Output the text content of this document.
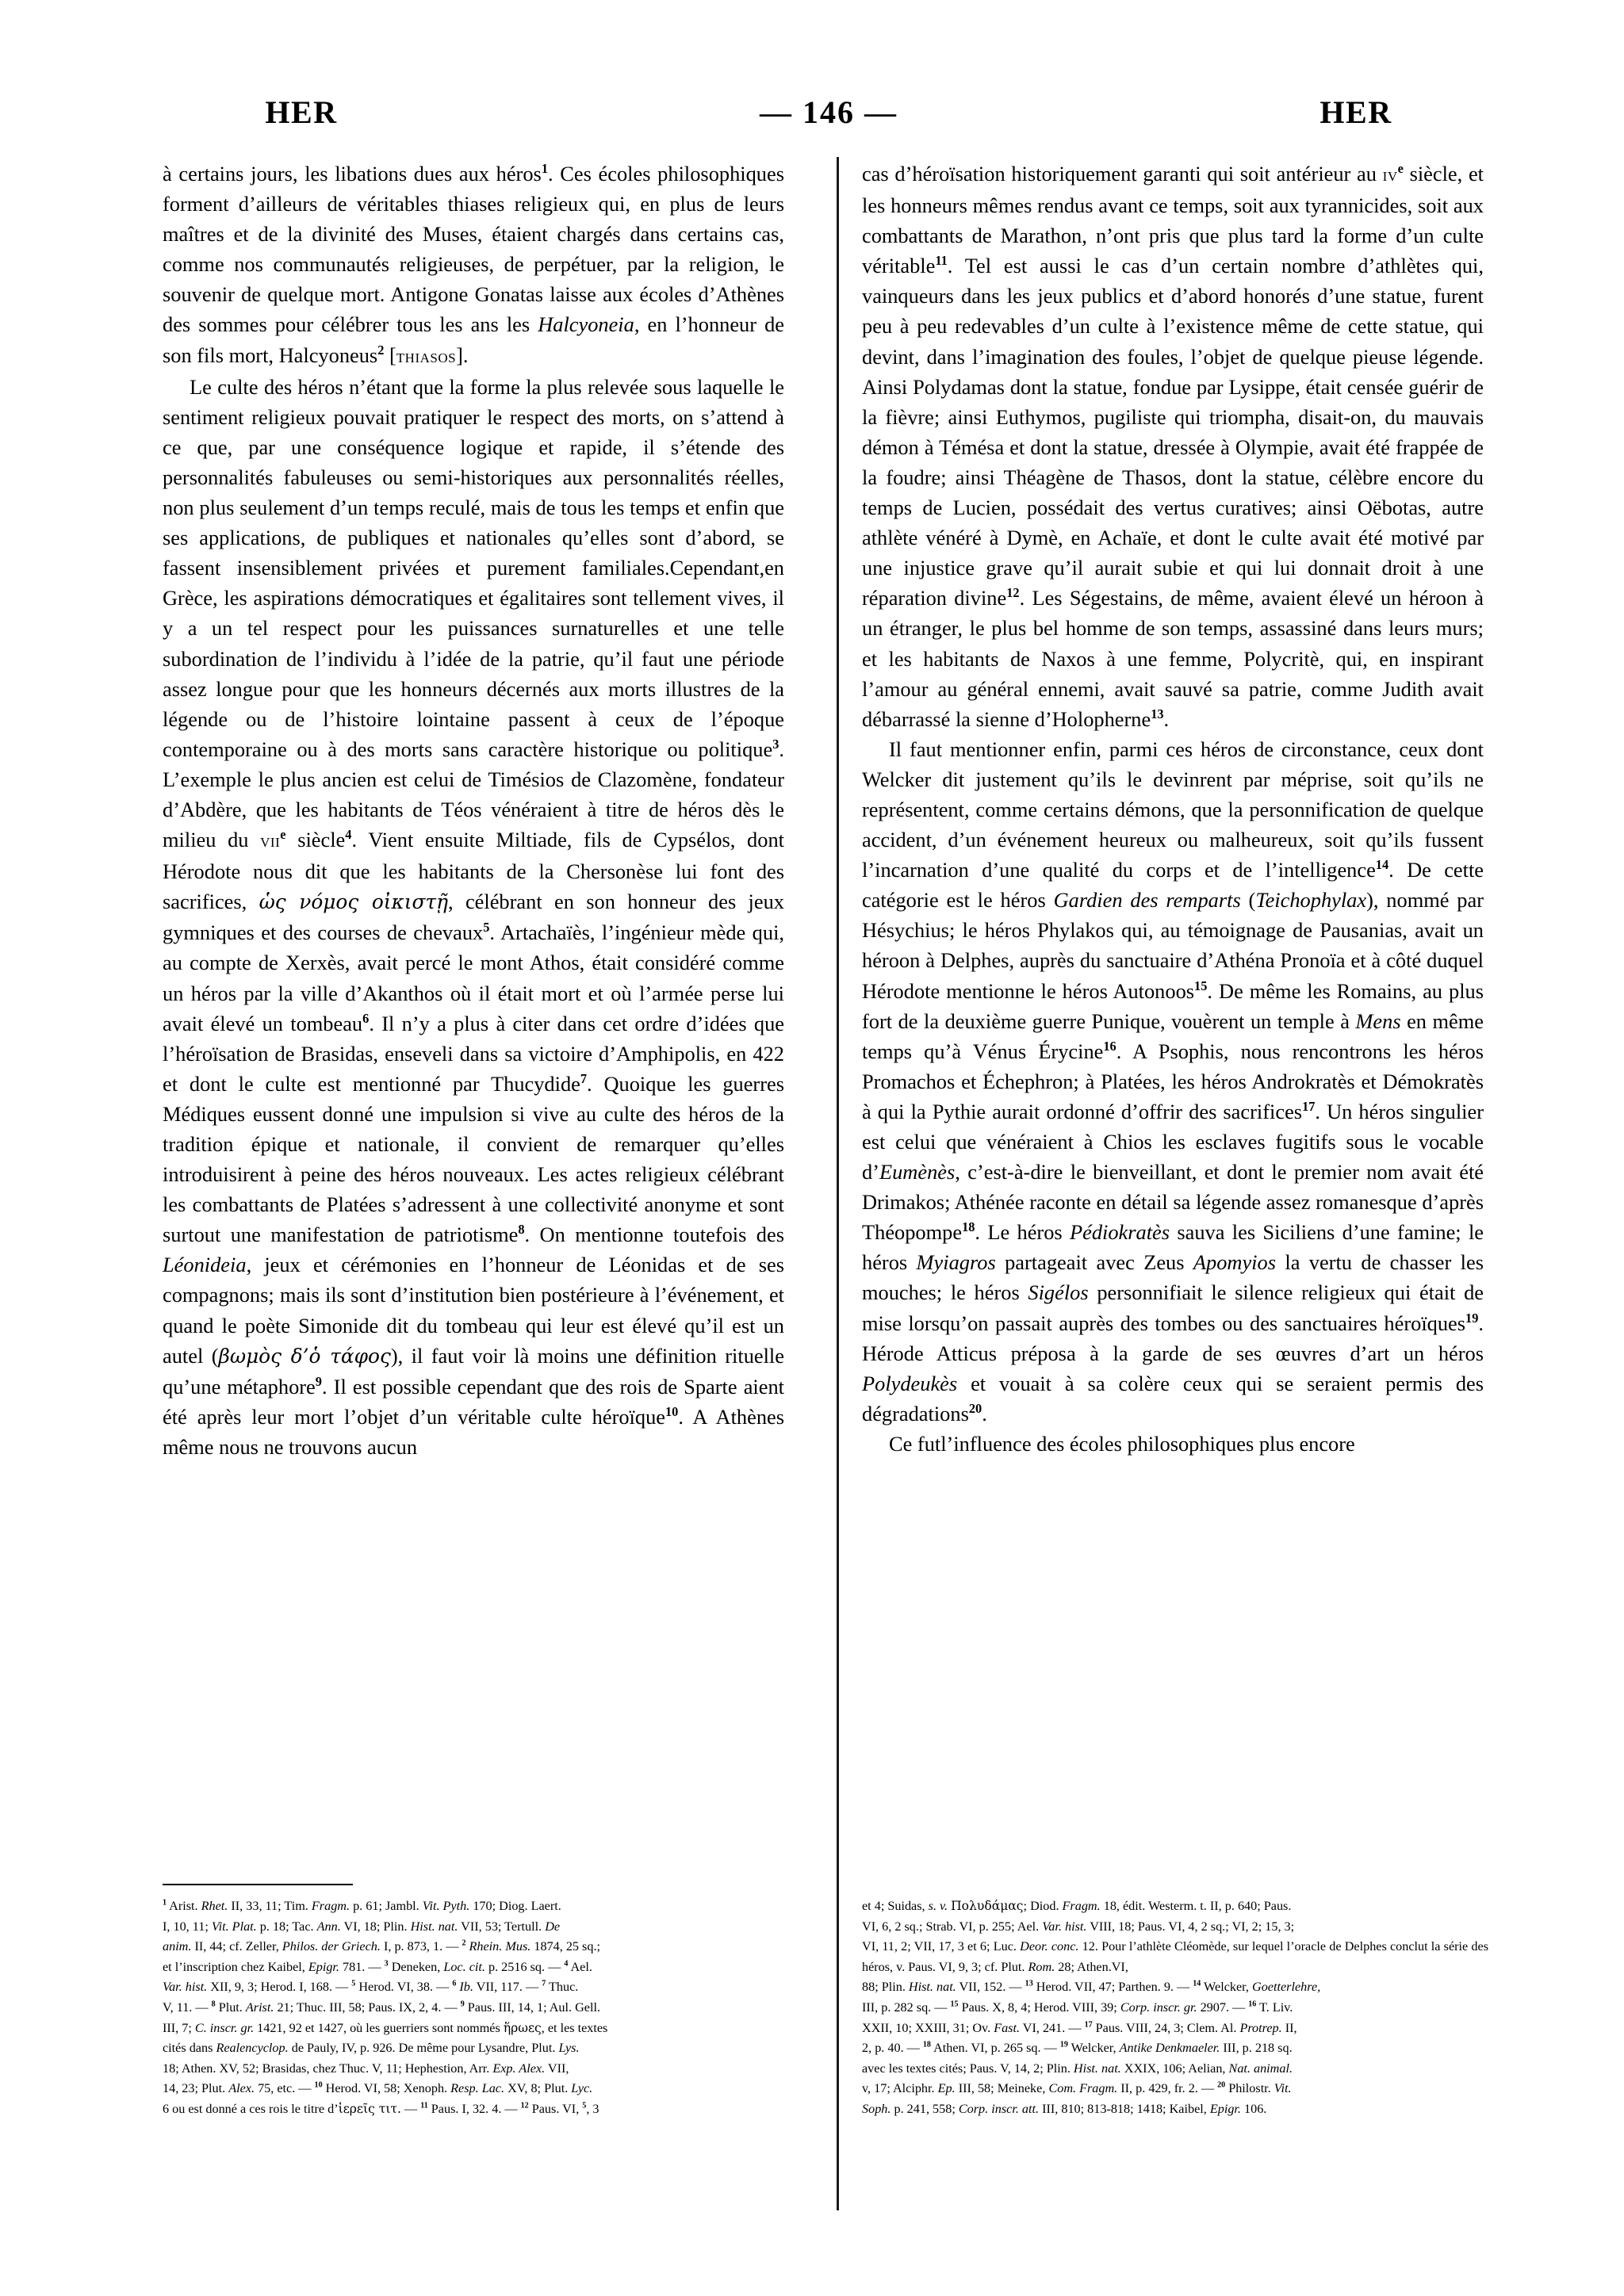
HER	— 146 —	HER

à certains jours, les libations dues aux héros$^1$. Ces écoles philosophiques forment d’ailleurs de véritables thiases religieux qui, en plus de leurs maîtres et de la divinité des Muses, étaient chargés dans certains cas, comme nos communautés religieuses, de perpétuer, par la religion, le souvenir de quelque mort. Antigone Gonatas laisse aux écoles d’Athènes des sommes pour célébrer tous les ans les Halcyoneia, en l’honneur de son fils mort, Halcyoneus$^2$ [thiasos].

Le culte des héros n’étant que la forme la plus relevée sous laquelle le sentiment religieux pouvait pratiquer le respect des morts, on s’attend à ce que, par une conséquence logique et rapide, il s’étende des personnalités fabuleuses ou semi-historiques aux personnalités réelles, non plus seulement d’un temps reculé, mais de tous les temps et enfin que ses applications, de publiques et nationales qu’elles sont d’abord, se fassent insensiblement privées et purement familiales.Cependant,en Grèce, les aspirations démocratiques et égalitaires sont tellement vives, il y a un tel respect pour les puissances surnaturelles et une telle subordination de l’individu à l’idée de la patrie, qu’il faut une période assez longue pour que les honneurs décernés aux morts illustres de la légende ou de l’histoire lointaine passent à ceux de l’époque contemporaine ou à des morts sans caractère historique ou politique$^3$. L’exemple le plus ancien est celui de Timésios de Clazomène, fondateur d’Abdère, que les habitants de Téos vénéraient à titre de héros dès le milieu du vii$^e$ siècle$^4$. Vient ensuite Miltiade, fils de Cypsélos, dont Hérodote nous dit que les habitants de la Chersonèse lui font des sacrifices, ὡς νόμος οἰκιστῇ, célébrant en son honneur des jeux gymniques et des courses de chevaux$^5$. Artachaïès, l’ingénieur mède qui, au compte de Xerxès, avait percé le mont Athos, était considéré comme un héros par la ville d’Akanthos où il était mort et où l’armée perse lui avait élevé un tombeau$^6$. Il n’y a plus à citer dans cet ordre d’idées que l’héroïsation de Brasidas, enseveli dans sa victoire d’Amphipolis, en 422 et dont le culte est mentionné par Thucydide$^7$. Quoique les guerres Médiques eussent donné une impulsion si vive au culte des héros de la tradition épique et nationale, il convient de remarquer qu’elles introduisirent à peine des héros nouveaux. Les actes religieux célébrant les combattants de Platées s’adressent à une collectivité anonyme et sont surtout une manifestation de patriotisme$^8$. On mentionne toutefois des Léonideia, jeux et cérémonies en l’honneur de Léonidas et de ses compagnons; mais ils sont d’institution bien postérieure à l’événement, et quand le poète Simonide dit du tombeau qui leur est élevé qu’il est un autel (βωμὸς δ’ὁ τάφος), il faut voir là moins une définition rituelle qu’une métaphore$^9$. Il est possible cependant que des rois de Sparte aient été après leur mort l’objet d’un véritable culte héroïque$^{10}$. A Athènes même nous ne trouvons aucun

cas d’héroïsation historiquement garanti qui soit antérieur au $iv^e$ siècle, et les honneurs mêmes rendus avant ce temps, soit aux tyrannicides, soit aux combattants de Marathon, n’ont pris que plus tard la forme d’un culte véritable$^{11}$. Tel est aussi le cas d’un certain nombre d’athlètes qui, vainqueurs dans les jeux publics et d’abord honorés d’une statue, furent peu à peu redevables d’un culte à l’existence même de cette statue, qui devint, dans l’imagination des foules, l’objet de quelque pieuse légende. Ainsi Polydamas dont la statue, fondue par Lysippe, était censée guérir de la fièvre; ainsi Euthymos, pugiliste qui triompha, disait-on, du mauvais démon à Témésa et dont la statue, dressée à Olympie, avait été frappée de la foudre; ainsi Théagène de Thasos, dont la statue, célèbre encore du temps de Lucien, possédait des vertus curatives; ainsi Oëbotas, autre athlète vénéré à Dymè, en Achaïe, et dont le culte avait été motivé par une injustice grave qu’il aurait subie et qui lui donnait droit à une réparation divine$^{12}$. Les Ségestains, de même, avaient élevé un héroon à un étranger, le plus bel homme de son temps, assassiné dans leurs murs; et les habitants de Naxos à une femme, Polycritè, qui, en inspirant l’amour au général ennemi, avait sauvé sa patrie, comme Judith avait débarrassé la sienne d’Holopherne$^{13}$.

Il faut mentionner enfin, parmi ces héros de circonstance, ceux dont Welcker dit justement qu’ils le devinrent par méprise, soit qu’ils ne représentent, comme certains démons, que la personnification de quelque accident, d’un événement heureux ou malheureux, soit qu’ils fussent l’incarnation d’une qualité du corps et de l’intelligence$^{14}$. De cette catégorie est le héros Gardien des remparts (Teichophylax), nommé par Hésychius; le héros Phylakos qui, au témoignage de Pausanias, avait un héroon à Delphes, auprès du sanctuaire d’Athéna Pronoïa et à côté duquel Hérodote mentionne le héros Autonoos$^{15}$. De même les Romains, au plus fort de la deuxième guerre Punique, vouèrent un temple à Mens en même temps qu’à Vénus Érycine$^{16}$. A Psophis, nous rencontrons les héros Promachos et Échephron; à Platées, les héros Androkratès et Démokratès à qui la Pythie aurait ordonné d’offrir des sacrifices$^{17}$. Un héros singulier est celui que vénéraient à Chios les esclaves fugitifs sous le vocable d’Eumènès, c’est-à-dire le bienveillant, et dont le premier nom avait été Drimakos; Athénée raconte en détail sa légende assez romanesque d’après Théopompe$^{18}$. Le héros Pédiokratès sauva les Siciliens d’une famine; le héros Myiagros partageait avec Zeus Apomyios la vertu de chasser les mouches; le héros Sigélos personnifiait le silence religieux qui était de mise lorsqu’on passait auprès des tombes ou des sanctuaires héroïques$^{19}$. Hérode Atticus préposa à la garde de ses œuvres d’art un héros Polydeukès et vouait à sa colère ceux qui se seraient permis des dégradations$^{20}$.

Ce futl’influence des écoles philosophiques plus encore

$^1$ Arist. Rhet. II, 33, 11; Tim. Fragm. p. 61; Jambl. Vit. Pyth. 170; Diog. Laert.

I, 10, 11; Vit. Plat. p. 18; Tac. Ann. VI, 18; Plin. Hist. nat. VII, 53; Tertull. De

anim. II, 44; cf. Zeller, Philos. der Griech. I, p. 873, 1. — $^2$ Rhein. Mus. 1874, 25 sq.;

et l’inscription chez Kaibel, Epigr. 781. — $^3$ Deneken, Loc. cit. p. 2516 sq. — $^4$ Ael.

Var. hist. XII, 9, 3; Herod. I, 168. — $^5$ Herod. VI, 38. — $^6$ Ib. VII, 117. — $^7$ Thuc.

V, 11. — $^8$ Plut. Arist. 21; Thuc. III, 58; Paus. IX, 2, 4. — $^9$ Paus. III, 14, 1; Aul. Gell.

III, 7; C. inscr. gr. 1421, 92 et 1427, où les guerriers sont nommés ἥρωες, et les textes

cités dans Realencyclop. de Pauly, IV, p. 926. De même pour Lysandre, Plut. Lys.

18; Athen. XV, 52; Brasidas, chez Thuc. V, 11; Hephestion, Arr. Exp. Alex. VII,

14, 23; Plut. Alex. 75, etc. — $^{10}$ Herod. VI, 58; Xenoph. Resp. Lac. XV, 8; Plut. Lyc.

6 ou est donné a ces rois le titre d’ἱερεῖς τιτ. — $^{11}$ Paus. I, 32. 4. — $^{12}$ Paus. VI, $^5$, 3

et 4; Suidas, s. v. Πολυδάμας; Diod. Fragm. 18, édit. Westerm. t. II, p. 640; Paus.

VI, 6, 2 sq.; Strab. VI, p. 255; Ael. Var. hist. VIII, 18; Paus. VI, 4, 2 sq.; VI, 2; 15, 3;

VI, 11, 2; VII, 17, 3 et 6; Luc. Deor. conc. 12. Pour l’athlète Cléomède, sur lequel l’oracle de Delphes conclut la série des héros, v. Paus. VI, 9, 3; cf. Plut. Rom. 28; Athen.VI,

88; Plin. Hist. nat. VII, 152. — $^{13}$ Herod. VII, 47; Parthen. 9. — $^{14}$ Welcker, Goetterlehre,

III, p. 282 sq. — $^{15}$ Paus. X, 8, 4; Herod. VIII, 39; Corp. inscr. gr. 2907. — $^{16}$ T. Liv.

XXII, 10; XXIII, 31; Ov. Fast. VI, 241. — $^{17}$ Paus. VIII, 24, 3; Clem. Al. Protrep. II,

2, p. 40. — $^{18}$ Athen. VI, p. 265 sq. — $^{19}$ Welcker, Antike Denkmaeler. III, p. 218 sq.

avec les textes cités; Paus. V, 14, 2; Plin. Hist. nat. XXIX, 106; Aelian, Nat. animal.

v, 17; Alciphr. Ep. III, 58; Meineke, Com. Fragm. II, p. 429, fr. 2. — $^{20}$ Philostr. Vit.

Soph. p. 241, 558; Corp. inscr. att. III, 810; 813-818; 1418; Kaibel, Epigr. 106.
